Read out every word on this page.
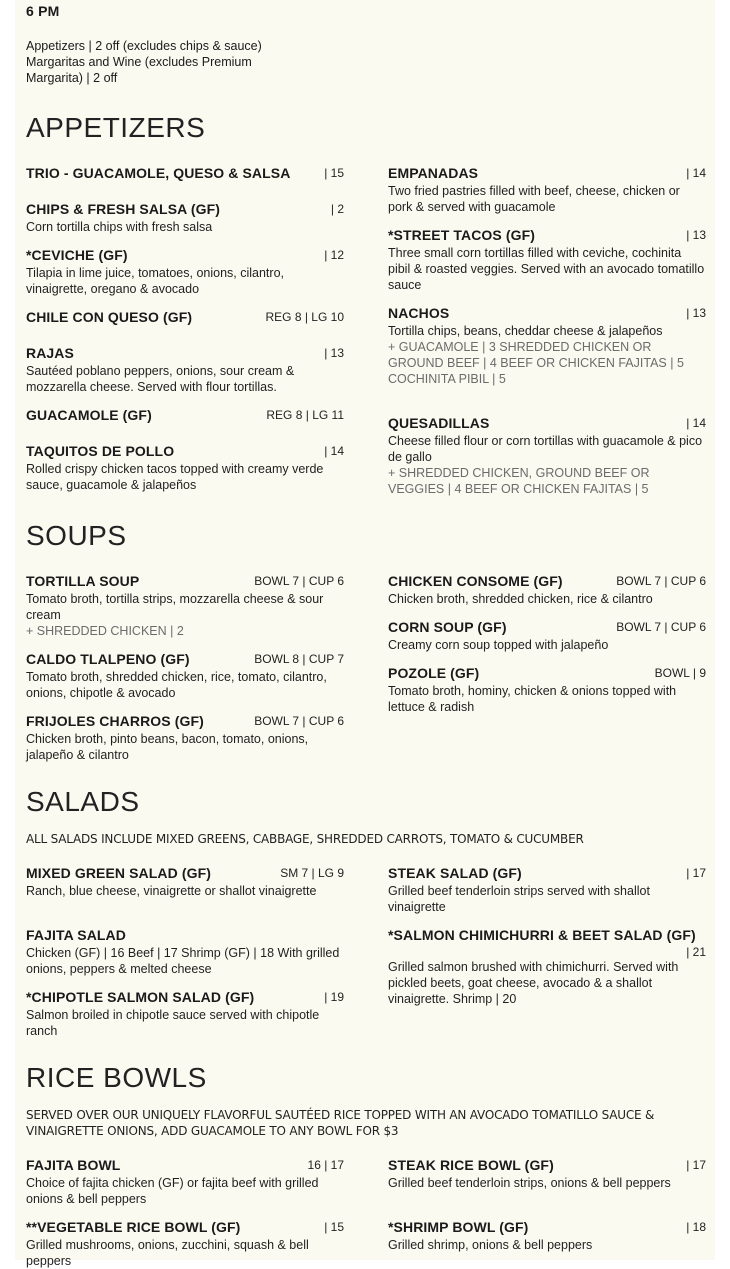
6 PM
Appetizers | 2 off (excludes chips & sauce) Margaritas and Wine (excludes Premium Margarita) | 2 off
APPETIZERS
TRIO - GUACAMOLE, QUESO & SALSA	| 15
CHIPS & FRESH SALSA (GF)	| 2
Corn tortilla chips with fresh salsa
*CEVICHE (GF)	| 12
Tilapia in lime juice, tomatoes, onions, cilantro, vinaigrette, oregano & avocado
CHILE CON QUESO (GF)	REG 8 | LG 10
RAJAS	| 13
Sautéed poblano peppers, onions, sour cream & mozzarella cheese. Served with flour tortillas.
GUACAMOLE (GF)	REG 8 | LG 11
TAQUITOS DE POLLO	| 14
Rolled crispy chicken tacos topped with creamy verde sauce, guacamole & jalapeños
EMPANADAS	| 14
Two fried pastries filled with beef, cheese, chicken or pork & served with guacamole
*STREET TACOS (GF)	| 13
Three small corn tortillas filled with ceviche, cochinita pibil & roasted veggies. Served with an avocado tomatillo sauce
NACHOS	| 13
Tortilla chips, beans, cheddar cheese & jalapeños
+ GUACAMOLE | 3 SHREDDED CHICKEN OR GROUND BEEF | 4 BEEF OR CHICKEN FAJITAS | 5 COCHINITA PIBIL | 5
QUESADILLAS	| 14
Cheese filled flour or corn tortillas with guacamole & pico de gallo
+ SHREDDED CHICKEN, GROUND BEEF OR VEGGIES | 4 BEEF OR CHICKEN FAJITAS | 5
SOUPS
TORTILLA SOUP	BOWL 7 | CUP 6
Tomato broth, tortilla strips, mozzarella cheese & sour cream
+ SHREDDED CHICKEN | 2
CALDO TLALPENO (GF)	BOWL 8 | CUP 7
Tomato broth, shredded chicken, rice, tomato, cilantro, onions, chipotle & avocado
FRIJOLES CHARROS (GF)	BOWL 7 | CUP 6
Chicken broth, pinto beans, bacon, tomato, onions, jalapeño & cilantro
CHICKEN CONSOME (GF)	BOWL 7 | CUP 6
Chicken broth, shredded chicken, rice & cilantro
CORN SOUP (GF)	BOWL 7 | CUP 6
Creamy corn soup topped with jalapeño
POZOLE (GF)	BOWL | 9
Tomato broth, hominy, chicken & onions topped with lettuce & radish
SALADS
ALL SALADS INCLUDE MIXED GREENS, CABBAGE, SHREDDED CARROTS, TOMATO & CUCUMBER
MIXED GREEN SALAD (GF)	SM 7 | LG 9
Ranch, blue cheese, vinaigrette or shallot vinaigrette
FAJITA SALAD
Chicken (GF) | 16 Beef | 17 Shrimp (GF) | 18 With grilled onions, peppers & melted cheese
*CHIPOTLE SALMON SALAD (GF)	| 19
Salmon broiled in chipotle sauce served with chipotle ranch
STEAK SALAD (GF)	| 17
Grilled beef tenderloin strips served with shallot vinaigrette
*SALMON CHIMICHURRI & BEET SALAD (GF)
| 21
Grilled salmon brushed with chimichurri. Served with pickled beets, goat cheese, avocado & a shallot vinaigrette. Shrimp | 20
RICE BOWLS
SERVED OVER OUR UNIQUELY FLAVORFUL SAUTÉED RICE TOPPED WITH AN AVOCADO TOMATILLO SAUCE & VINAIGRETTE ONIONS, ADD GUACAMOLE TO ANY BOWL FOR $3
FAJITA BOWL	16 | 17
Choice of fajita chicken (GF) or fajita beef with grilled onions & bell peppers
**VEGETABLE RICE BOWL (GF)	| 15
Grilled mushrooms, onions, zucchini, squash & bell peppers
STEAK RICE BOWL (GF)	| 17
Grilled beef tenderloin strips, onions & bell peppers
*SHRIMP BOWL (GF)	| 18
Grilled shrimp, onions & bell peppers
